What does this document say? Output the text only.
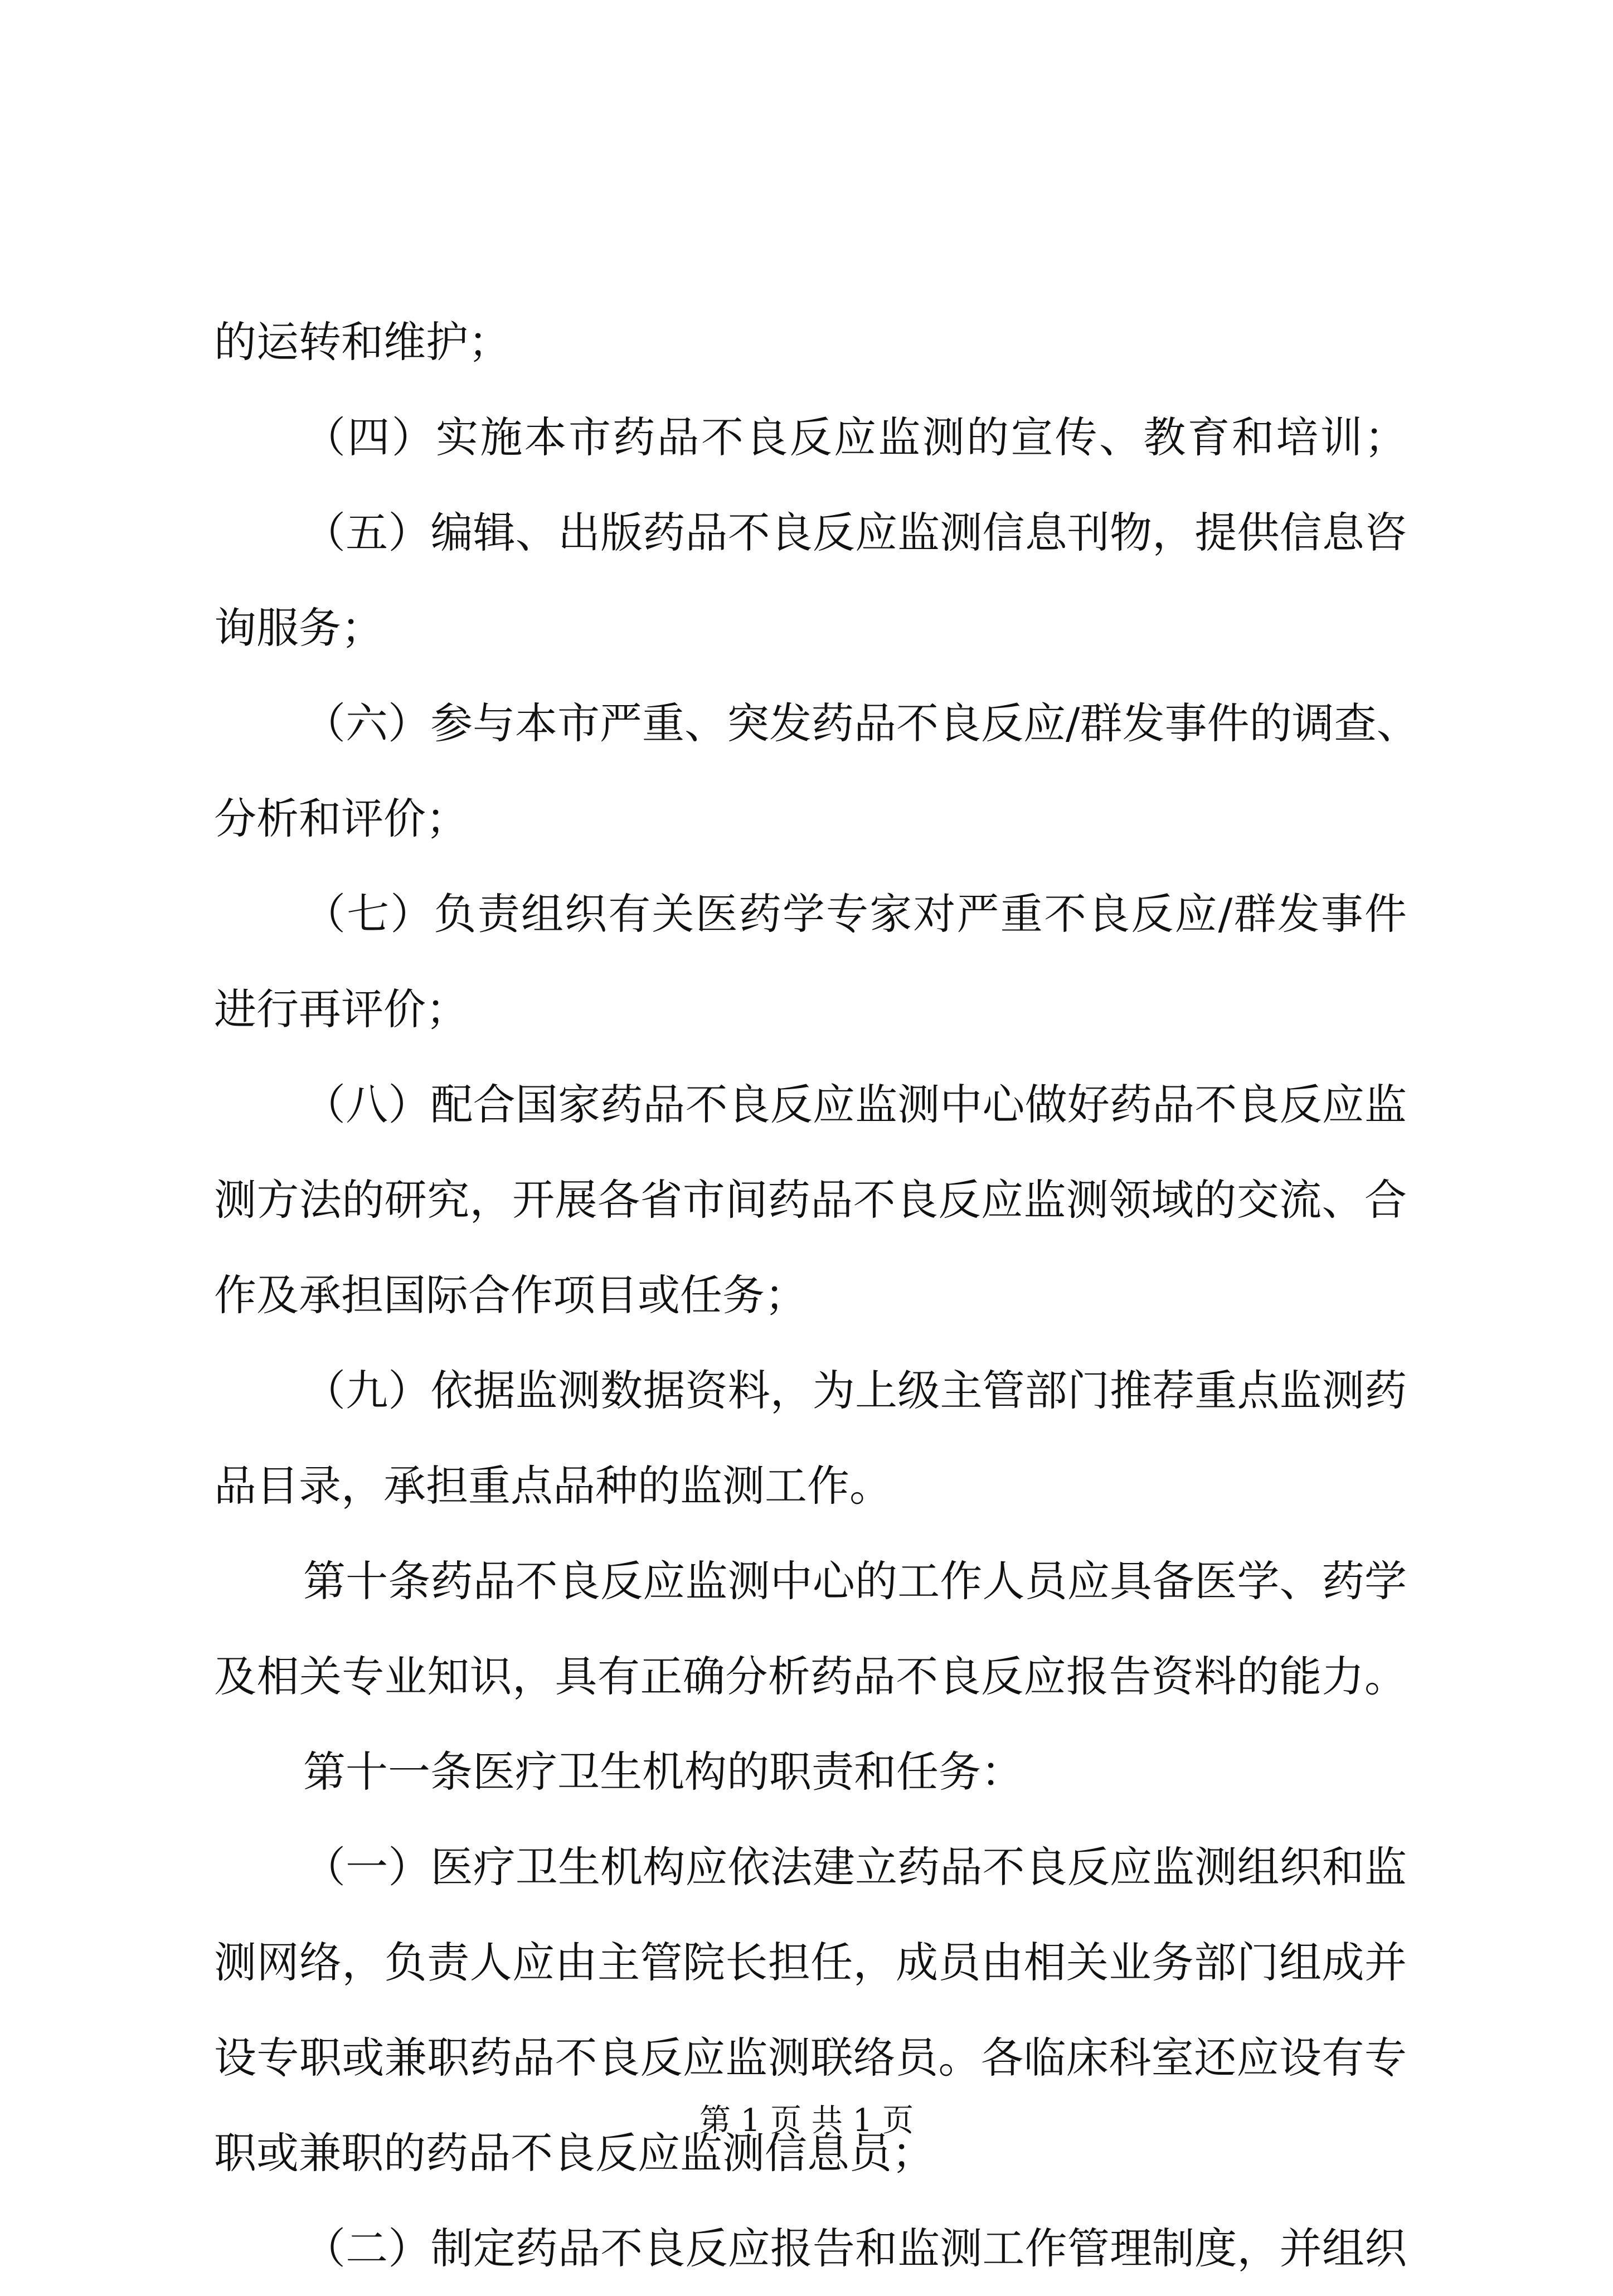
的运转和维护；
（四）实施本市药品不良反应监测的宣传、教育和培训；
（五）编辑、出版药品不良反应监测信息刊物，提供信息咨
询服务；
（六）参与本市严重、突发药品不良反应/群发事件的调查、
分析和评价；
（七）负责组织有关医药学专家对严重不良反应/群发事件
进行再评价；
（八）配合国家药品不良反应监测中心做好药品不良反应监
测方法的研究，开展各省市间药品不良反应监测领域的交流、合
作及承担国际合作项目或任务；
（九）依据监测数据资料，为上级主管部门推荐重点监测药
品目录，承担重点品种的监测工作。
第十条药品不良反应监测中心的工作人员应具备医学、药学
及相关专业知识，具有正确分析药品不良反应报告资料的能力。
第十一条医疗卫生机构的职责和任务：
（一）医疗卫生机构应依法建立药品不良反应监测组织和监
测网络，负责人应由主管院长担任，成员由相关业务部门组成并
设专职或兼职药品不良反应监测联络员。各临床科室还应设有专
职或兼职的药品不良反应监测信息员；
（二）制定药品不良反应报告和监测工作管理制度，并组织
第 1 页 共 1 页
